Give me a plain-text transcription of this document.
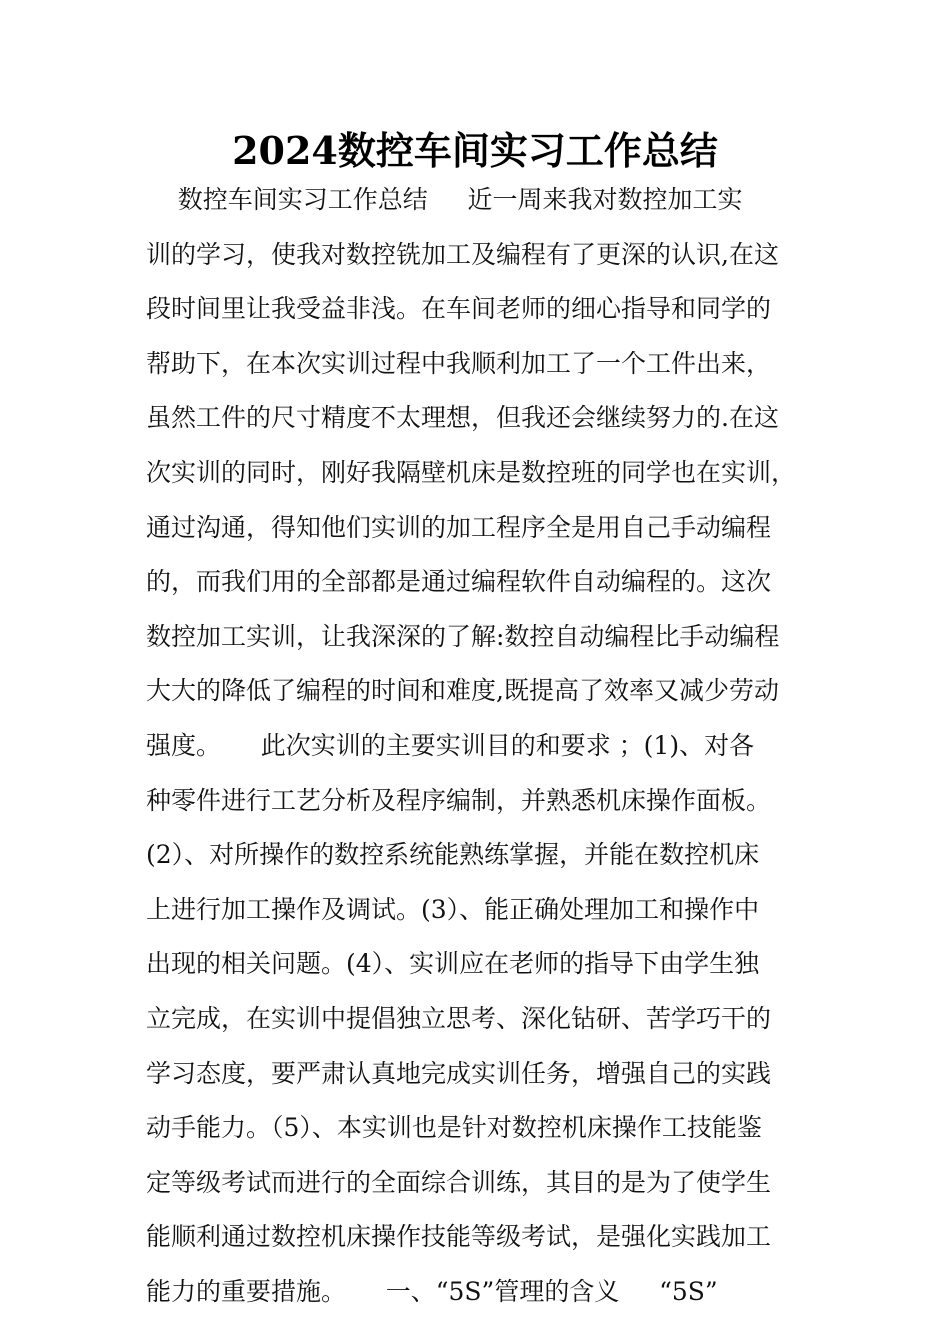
2024数控车间实习工作总结
数控车间实习工作总结     近一周来我对数控加工实
训的学习，使我对数控铣加工及编程有了更深的认识,在这
段时间里让我受益非浅。在车间老师的细心指导和同学的
帮助下，在本次实训过程中我顺利加工了一个工件出来，
虽然工件的尺寸精度不太理想，但我还会继续努力的.在这
次实训的同时，刚好我隔壁机床是数控班的同学也在实训，
通过沟通，得知他们实训的加工程序全是用自己手动编程
的，而我们用的全部都是通过编程软件自动编程的。这次
数控加工实训，让我深深的了解:数控自动编程比手动编程
大大的降低了编程的时间和难度,既提高了效率又减少劳动
强度。     此次实训的主要实训目的和要求 ；(1)、对各
种零件进行工艺分析及程序编制，并熟悉机床操作面板。
(2）、对所操作的数控系统能熟练掌握，并能在数控机床
上进行加工操作及调试。(3）、能正确处理加工和操作中
出现的相关问题。(4）、实训应在老师的指导下由学生独
立完成，在实训中提倡独立思考、深化钻研、苦学巧干的
学习态度，要严肃认真地完成实训任务，增强自己的实践
动手能力。（5）、本实训也是针对数控机床操作工技能鉴
定等级考试而进行的全面综合训练，其目的是为了使学生
能顺利通过数控机床操作技能等级考试，是强化实践加工
能力的重要措施。     一、“5S”管理的含义     “5S”
